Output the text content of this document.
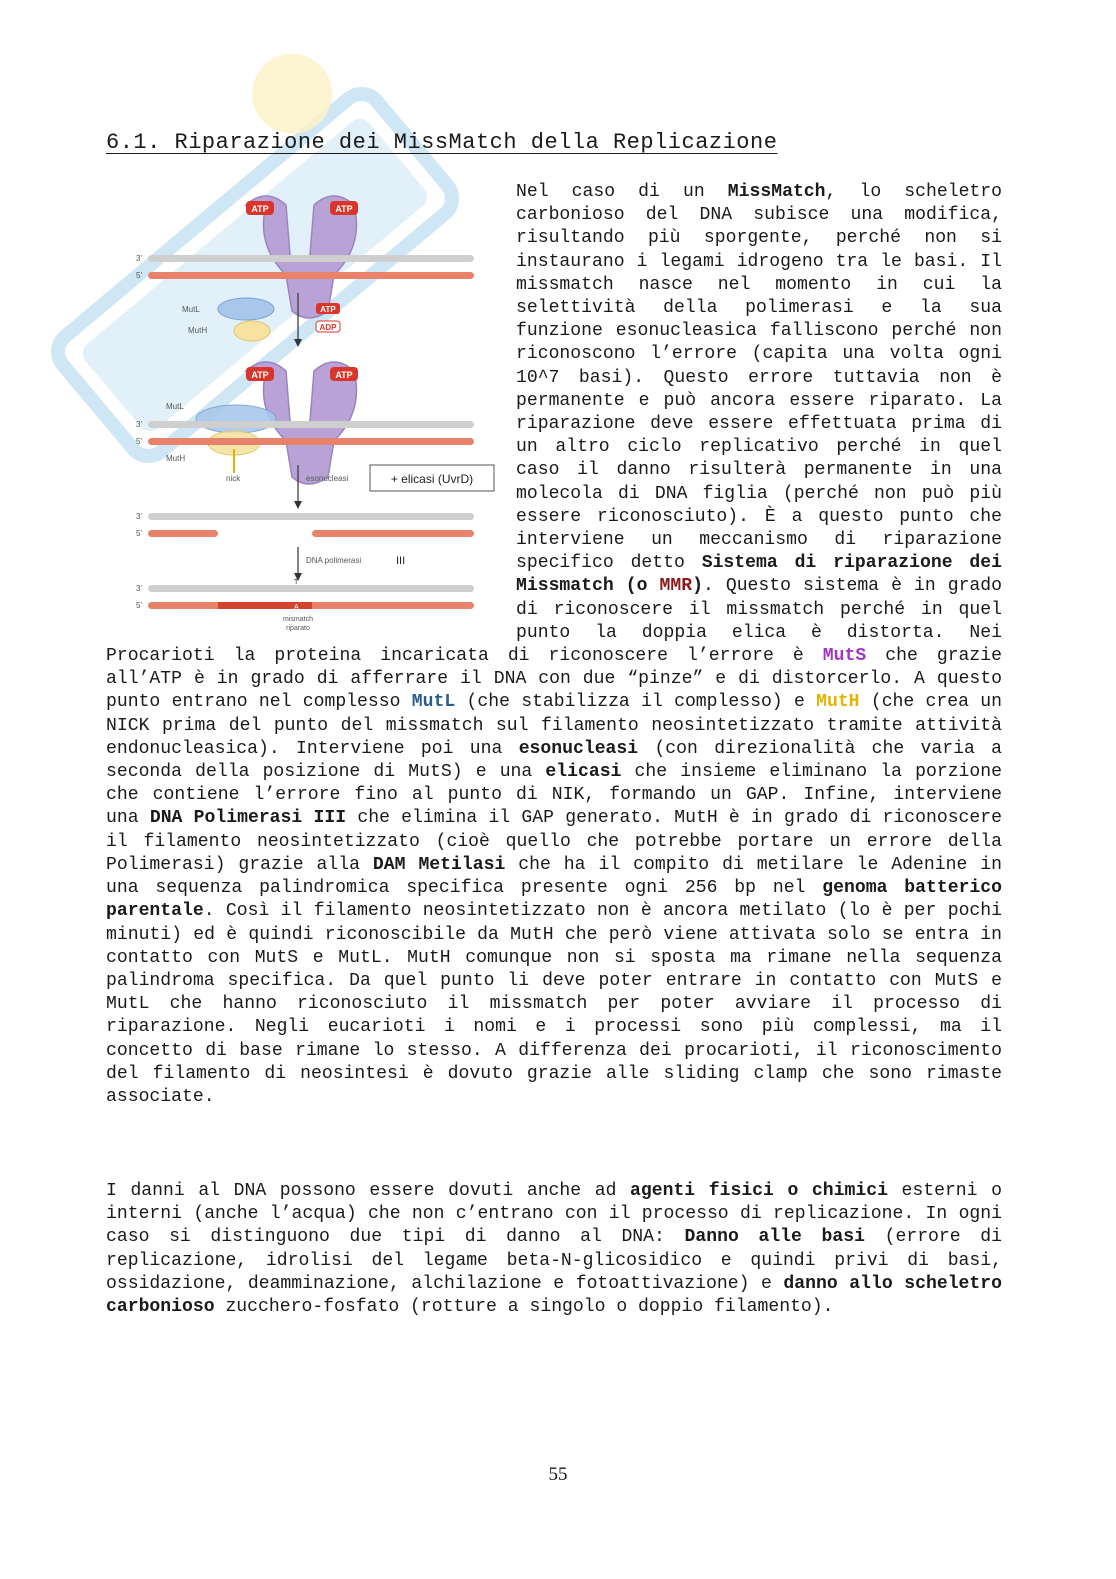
6.1. Riparazione dei MissMatch della Replicazione
ATP	ATP
3'
5'
MutL
MutH
ATP
ADP
ATP	ATP
MutL
MutH
3'
5'
nick	esonucleasi	+ elicasi (UvrD)
3'
5'
DNA polimerasi	III
3'
T
5'	A
mismatch
riparato
Nel caso di un MissMatch, lo scheletro carbonioso del DNA subisce una modifica, risultando più sporgente, perché non si instaurano i legami idrogeno tra le basi. Il missmatch nasce nel momento in cui la selettività della polimerasi e la sua funzione esonucleasica falliscono perché non riconoscono l’errore (capita una volta ogni 10^7 basi). Questo errore tuttavia non è permanente e può ancora essere riparato. La riparazione deve essere effettuata prima di un altro ciclo replicativo perché in quel caso il danno risulterà permanente in una molecola di DNA figlia (perché non può più essere riconosciuto). È a questo punto che interviene un meccanismo di riparazione specifico detto Sistema di riparazione dei Missmatch (o MMR). Questo sistema è in grado di riconoscere il missmatch perché in quel punto la doppia elica è distorta. Nei Procarioti la proteina incaricata di riconoscere l’errore è MutS che grazie all’ATP è in grado di afferrare il DNA con due “pinze” e di distorcerlo. A questo punto entrano nel complesso MutL (che stabilizza il complesso) e MutH (che crea un NICK prima del punto del missmatch sul filamento neosintetizzato tramite attività endonucleasica). Interviene poi una esonucleasi (con direzionalità che varia a seconda della posizione di MutS) e una elicasi che insieme eliminano la porzione che contiene l’errore fino al punto di NIK, formando un GAP. Infine, interviene una DNA Polimerasi III che elimina il GAP generato. MutH è in grado di riconoscere il filamento neosintetizzato (cioè quello che potrebbe portare un errore della Polimerasi) grazie alla DAM Metilasi che ha il compito di metilare le Adenine in una sequenza palindromica specifica presente ogni 256 bp nel genoma batterico parentale. Così il filamento neosintetizzato non è ancora metilato (lo è per pochi minuti) ed è quindi riconoscibile da MutH che però viene attivata solo se entra in contatto con MutS e MutL. MutH comunque non si sposta ma rimane nella sequenza palindroma specifica. Da quel punto li deve poter entrare in contatto con MutS e MutL che hanno riconosciuto il missmatch per poter avviare il processo di riparazione. Negli eucarioti i nomi e i processi sono più complessi, ma il concetto di base rimane lo stesso. A differenza dei procarioti, il riconoscimento del filamento di neosintesi è dovuto grazie alle sliding clamp che sono rimaste associate.
I danni al DNA possono essere dovuti anche ad agenti fisici o chimici esterni o interni (anche l’acqua) che non c’entrano con il processo di replicazione. In ogni caso si distinguono due tipi di danno al DNA: Danno alle basi (errore di replicazione, idrolisi del legame beta-N-glicosidico e quindi privi di basi, ossidazione, deamminazione, alchilazione e fotoattivazione) e danno allo scheletro carbonioso zucchero-fosfato (rotture a singolo o doppio filamento).
55
